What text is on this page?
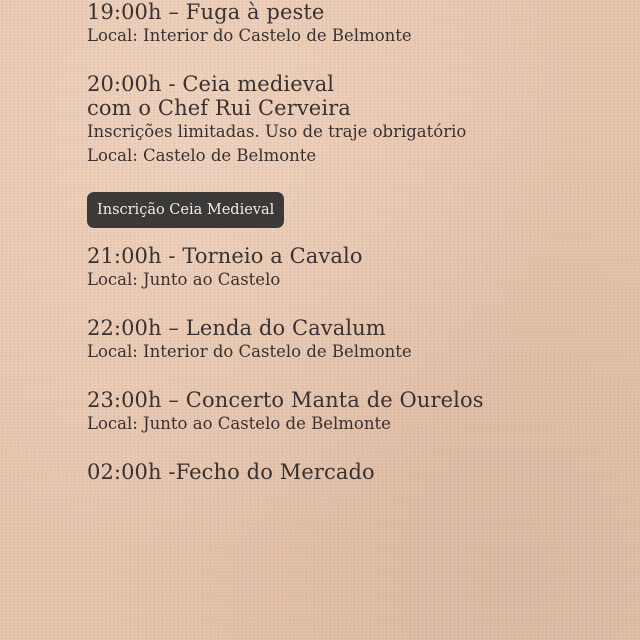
19:00h – Fuga à peste
Local: Interior do Castelo de Belmonte
20:00h - Ceia medieval
com o Chef Rui Cerveira
Inscrições limitadas. Uso de traje obrigatório
Local: Castelo de Belmonte
Inscrição Ceia Medieval
21:00h - Torneio a Cavalo
Local: Junto ao Castelo
22:00h – Lenda do Cavalum
Local: Interior do Castelo de Belmonte
23:00h – Concerto Manta de Ourelos
Local: Junto ao Castelo de Belmonte
02:00h -Fecho do Mercado
